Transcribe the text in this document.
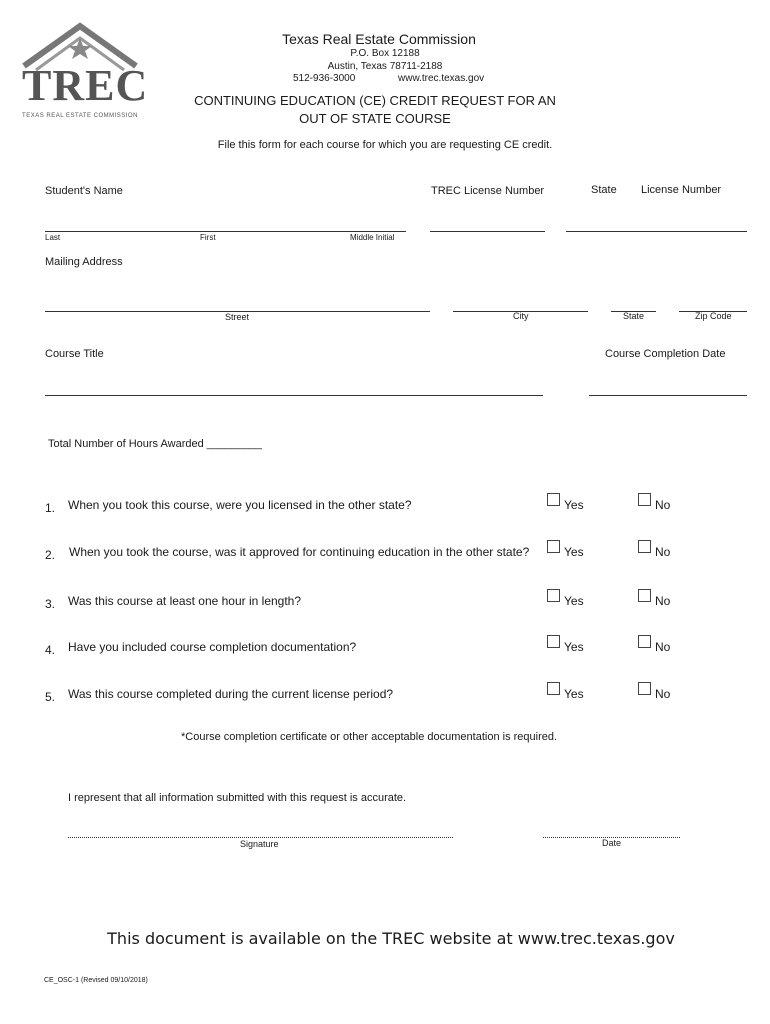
TREC
TEXAS REAL ESTATE COMMISSION
Texas Real Estate Commission
P.O. Box 12188
Austin, Texas 78711-2188
512-936-3000	www.trec.texas.gov
CONTINUING EDUCATION (CE) CREDIT REQUEST FOR AN
OUT OF STATE COURSE
File this form for each course for which you are requesting CE credit.
Student's Name	TREC License Number	State License Number
Last	First	Middle Initial
Mailing Address
Street	City	State	Zip Code
Course Title	Course Completion Date
Total Number of Hours Awarded _________
1. When you took this course, were you licensed in the other state?	Yes	No
2. When you took the course, was it approved for continuing education in the other state?	Yes	No
3. Was this course at least one hour in length?	Yes	No
4. Have you included course completion documentation?	Yes	No
5. Was this course completed during the current license period?	Yes	No
*Course completion certificate or other acceptable documentation is required.
I represent that all information submitted with this request is accurate.
Signature	Date
This document is available on the TREC website at www.trec.texas.gov
CE_OSC-1 (Revised 09/10/2018)
